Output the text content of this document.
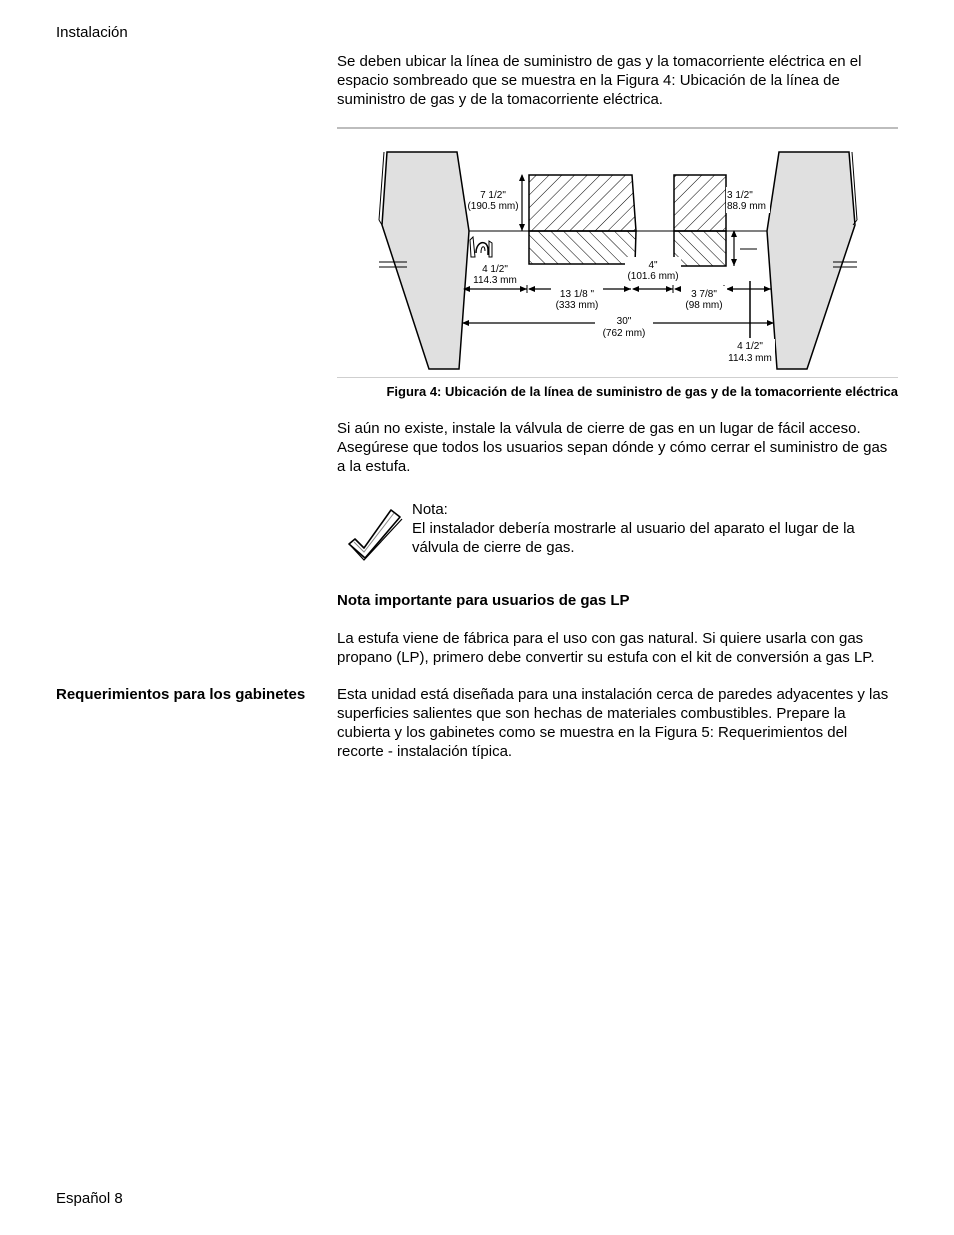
Instalación

Se deben ubicar la línea de suministro de gas y la tomacorriente eléctrica en el espacio sombreado que se muestra en la Figura 4: Ubicación de la línea de suministro de gas y de la tomacorriente eléctrica.

7 1/2"
(190.5 mm)
3 1/2"
88.9 mm
4 1/2"
114.3 mm
4"
(101.6 mm)
13 1/8 "
(333 mm)
3 7/8"
(98 mm)
30"
(762 mm)
4 1/2"
114.3 mm
Figura 4: Ubicación de la línea de suministro de gas y de la tomacorriente eléctrica

Si aún no existe, instale la válvula de cierre de gas en un lugar de fácil acceso. Asegúrese que todos los usuarios sepan dónde y cómo cerrar el suministro de gas a la estufa.

Nota:

El instalador debería mostrarle al usuario del aparato el lugar de la válvula de cierre de gas.

Nota importante para usuarios de gas LP

La estufa viene de fábrica para el uso con gas natural. Si quiere usarla con gas propano (LP), primero debe convertir su estufa con el kit de conversión a gas LP.

Requerimientos para los gabinetes	Esta unidad está diseñada para una instalación cerca de paredes adyacentes y las superficies salientes que son hechas de materiales combustibles. Prepare la cubierta y los gabinetes como se muestra en la Figura 5: Requerimientos del recorte - instalación típica.

Español 8
